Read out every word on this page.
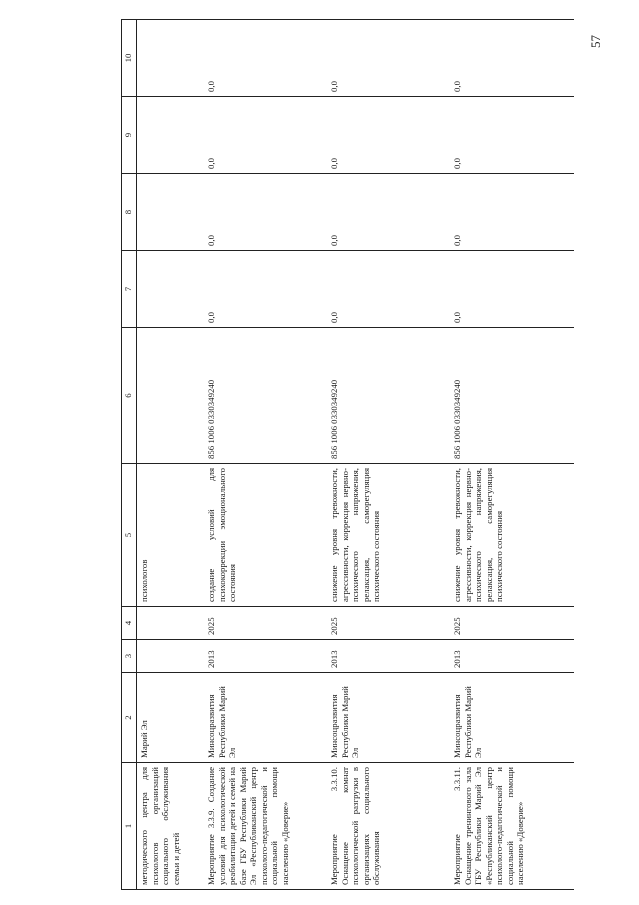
57
1	2	3	4	5	6	7	8	9	10
методического центра для психологов организаций социального обслуживания семьи и детей	Марий Эл			психологов					
Мероприятие 3.3.9. Создание условий для психологической реабилитации детей и семей на базе ГБУ Республики Марий Эл «Республиканский центр психолого-педагогической и социальной помощи населению «Доверие»	Минсоцразвития Республики Марий Эл	2013	2025	создание условий для психокоррекции эмоционального состояния	856 1006 0330349240	0,0	0,0	0,0	0,0
Мероприятие 3.3.10. Оснащение комнат психологической разгрузки в организациях социального обслуживания	Минсоцразвития Республики Марий Эл	2013	2025	снижение уровня тревожности, агрессивности, коррекция нервно-психического напряжения, релаксация, саморегуляция психического состояния	856 1006 0330349240	0,0	0,0	0,0	0,0
Мероприятие 3.3.11. Оснащение тренингового зала ГБУ Республики Марий Эл «Республиканский центр психолого-педагогической и социальной помощи населению «Доверие»	Минсоцразвития Республики Марий Эл	2013	2025	снижение уровня тревожности, агрессивности, коррекция нервно-психического напряжения, релаксация, саморегуляция психического состояния	856 1006 0330349240	0,0	0,0	0,0	0,0
